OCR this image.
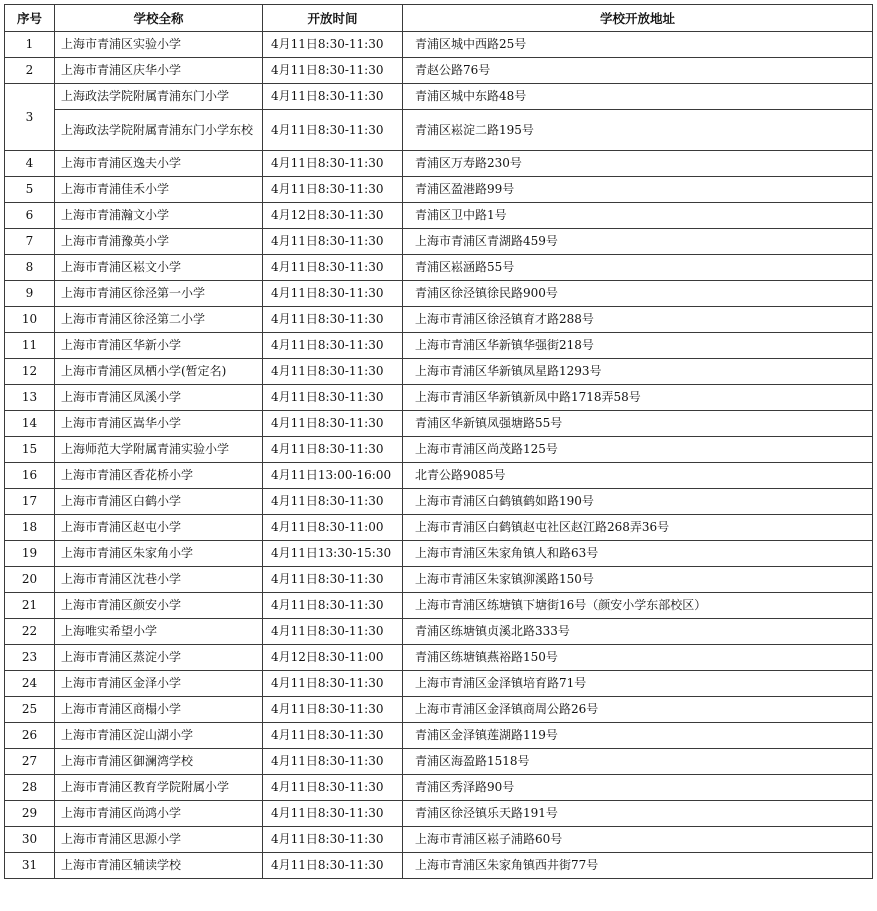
序号	学校全称	开放时间	学校开放地址
1	上海市青浦区实验小学	4月11日8:30-11:30	青浦区城中西路25号
2	上海市青浦区庆华小学	4月11日8:30-11:30	青赵公路76号
3	上海政法学院附属青浦东门小学	4月11日8:30-11:30	青浦区城中东路48号
	上海政法学院附属青浦东门小学东校	4月11日8:30-11:30	青浦区崧淀二路195号
4	上海市青浦区逸夫小学	4月11日8:30-11:30	青浦区万寿路230号
5	上海市青浦佳禾小学	4月11日8:30-11:30	青浦区盈港路99号
6	上海市青浦瀚文小学	4月12日8:30-11:30	青浦区卫中路1号
7	上海市青浦豫英小学	4月11日8:30-11:30	上海市青浦区青湖路459号
8	上海市青浦区崧文小学	4月11日8:30-11:30	青浦区崧涵路55号
9	上海市青浦区徐泾第一小学	4月11日8:30-11:30	青浦区徐泾镇徐民路900号
10	上海市青浦区徐泾第二小学	4月11日8:30-11:30	上海市青浦区徐泾镇育才路288号
11	上海市青浦区华新小学	4月11日8:30-11:30	上海市青浦区华新镇华强街218号
12	上海市青浦区凤栖小学(暂定名)	4月11日8:30-11:30	上海市青浦区华新镇凤星路1293号
13	上海市青浦区凤溪小学	4月11日8:30-11:30	上海市青浦区华新镇新凤中路1718弄58号
14	上海市青浦区嵩华小学	4月11日8:30-11:30	青浦区华新镇凤强塘路55号
15	上海师范大学附属青浦实验小学	4月11日8:30-11:30	上海市青浦区尚茂路125号
16	上海市青浦区香花桥小学	4月11日13:00-16:00	北青公路9085号
17	上海市青浦区白鹤小学	4月11日8:30-11:30	上海市青浦区白鹤镇鹤如路190号
18	上海市青浦区赵屯小学	4月11日8:30-11:00	上海市青浦区白鹤镇赵屯社区赵江路268弄36号
19	上海市青浦区朱家角小学	4月11日13:30-15:30	上海市青浦区朱家角镇人和路63号
20	上海市青浦区沈巷小学	4月11日8:30-11:30	上海市青浦区朱家镇泖溪路150号
21	上海市青浦区颜安小学	4月11日8:30-11:30	上海市青浦区练塘镇下塘街16号（颜安小学东部校区）
22	上海唯实希望小学	4月11日8:30-11:30	青浦区练塘镇贞溪北路333号
23	上海市青浦区蒸淀小学	4月12日8:30-11:00	青浦区练塘镇燕裕路150号
24	上海市青浦区金泽小学	4月11日8:30-11:30	上海市青浦区金泽镇培育路71号
25	上海市青浦区商榻小学	4月11日8:30-11:30	上海市青浦区金泽镇商周公路26号
26	上海市青浦区淀山湖小学	4月11日8:30-11:30	青浦区金泽镇莲湖路119号
27	上海市青浦区御澜湾学校	4月11日8:30-11:30	青浦区海盈路1518号
28	上海市青浦区教育学院附属小学	4月11日8:30-11:30	青浦区秀泽路90号
29	上海市青浦区尚鸿小学	4月11日8:30-11:30	青浦区徐泾镇乐天路191号
30	上海市青浦区思源小学	4月11日8:30-11:30	上海市青浦区崧子浦路60号
31	上海市青浦区辅读学校	4月11日8:30-11:30	上海市青浦区朱家角镇西井街77号
